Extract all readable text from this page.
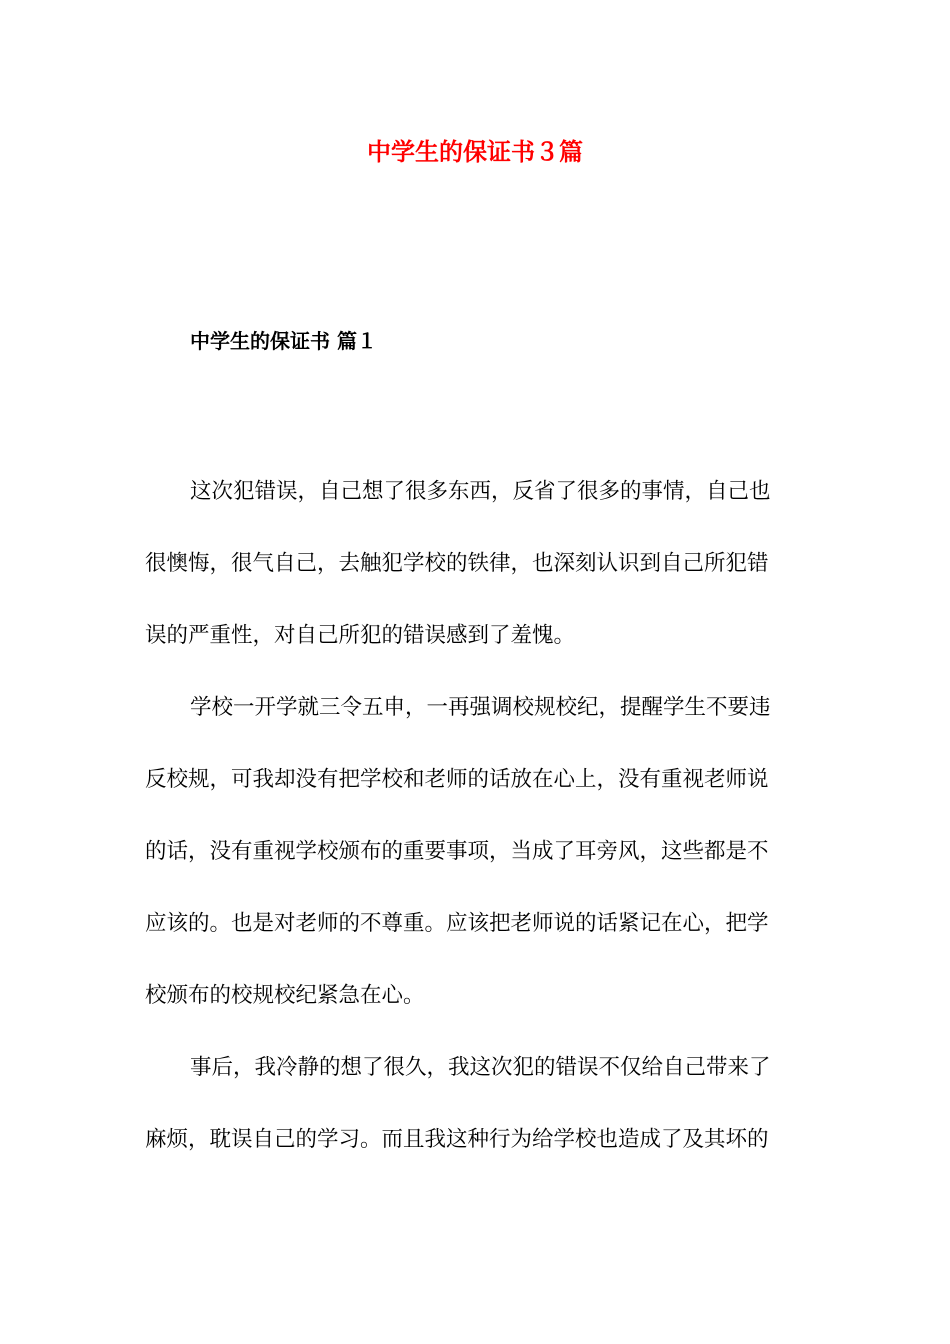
中学生的保证书３篇
中学生的保证书 篇１
这次犯错误，自己想了很多东西，反省了很多的事情，自己也
很懊悔，很气自己，去触犯学校的铁律，也深刻认识到自己所犯错
误的严重性，对自己所犯的错误感到了羞愧。
学校一开学就三令五申，一再强调校规校纪，提醒学生不要违
反校规，可我却没有把学校和老师的话放在心上，没有重视老师说
的话，没有重视学校颁布的重要事项，当成了耳旁风，这些都是不
应该的。也是对老师的不尊重。应该把老师说的话紧记在心，把学
校颁布的校规校纪紧急在心。
事后，我冷静的想了很久，我这次犯的错误不仅给自己带来了
麻烦，耽误自己的学习。而且我这种行为给学校也造成了及其坏的
